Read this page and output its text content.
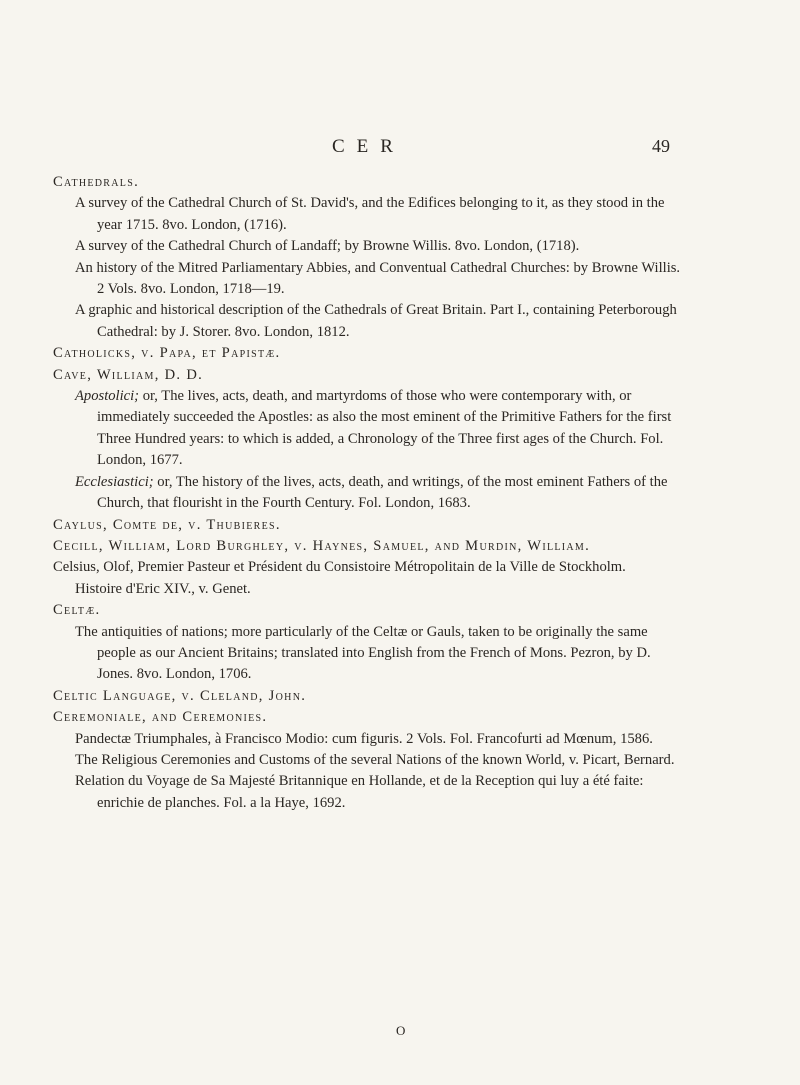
CER	49

Cathedrals.

A survey of the Cathedral Church of St. David's, and the Edifices belonging to it, as they stood in the year 1715. 8vo. London, (1716).

A survey of the Cathedral Church of Landaff; by Browne Willis. 8vo. London, (1718).

An history of the Mitred Parliamentary Abbies, and Conventual Cathedral Churches: by Browne Willis. 2 Vols. 8vo. London, 1718—19.

A graphic and historical description of the Cathedrals of Great Britain. Part I., containing Peterborough Cathedral: by J. Storer. 8vo. London, 1812.

Catholicks, v. Papa, et Papistæ.

Cave, William, D. D.

Apostolici; or, The lives, acts, death, and martyrdoms of those who were contemporary with, or immediately succeeded the Apostles: as also the most eminent of the Primitive Fathers for the first Three Hundred years: to which is added, a Chronology of the Three first ages of the Church. Fol. London, 1677.

Ecclesiastici; or, The history of the lives, acts, death, and writings, of the most eminent Fathers of the Church, that flourisht in the Fourth Century. Fol. London, 1683.

Caylus, Comte de, v. Thubieres.

Cecill, William, Lord Burghley, v. Haynes, Samuel, and Murdin, William.

Celsius, Olof, Premier Pasteur et Président du Consistoire Métropolitain de la Ville de Stockholm.

Histoire d'Eric XIV., v. Genet.

Celtæ.

The antiquities of nations; more particularly of the Celtæ or Gauls, taken to be originally the same people as our Ancient Britains; translated into English from the French of Mons. Pezron, by D. Jones. 8vo. London, 1706.

Celtic Language, v. Cleland, John.

Ceremoniale, and Ceremonies.

Pandectæ Triumphales, à Francisco Modio: cum figuris. 2 Vols. Fol. Francofurti ad Mœnum, 1586.

The Religious Ceremonies and Customs of the several Nations of the known World, v. Picart, Bernard.

Relation du Voyage de Sa Majesté Britannique en Hollande, et de la Reception qui luy a été faite: enrichie de planches. Fol. a la Haye, 1692.

O
